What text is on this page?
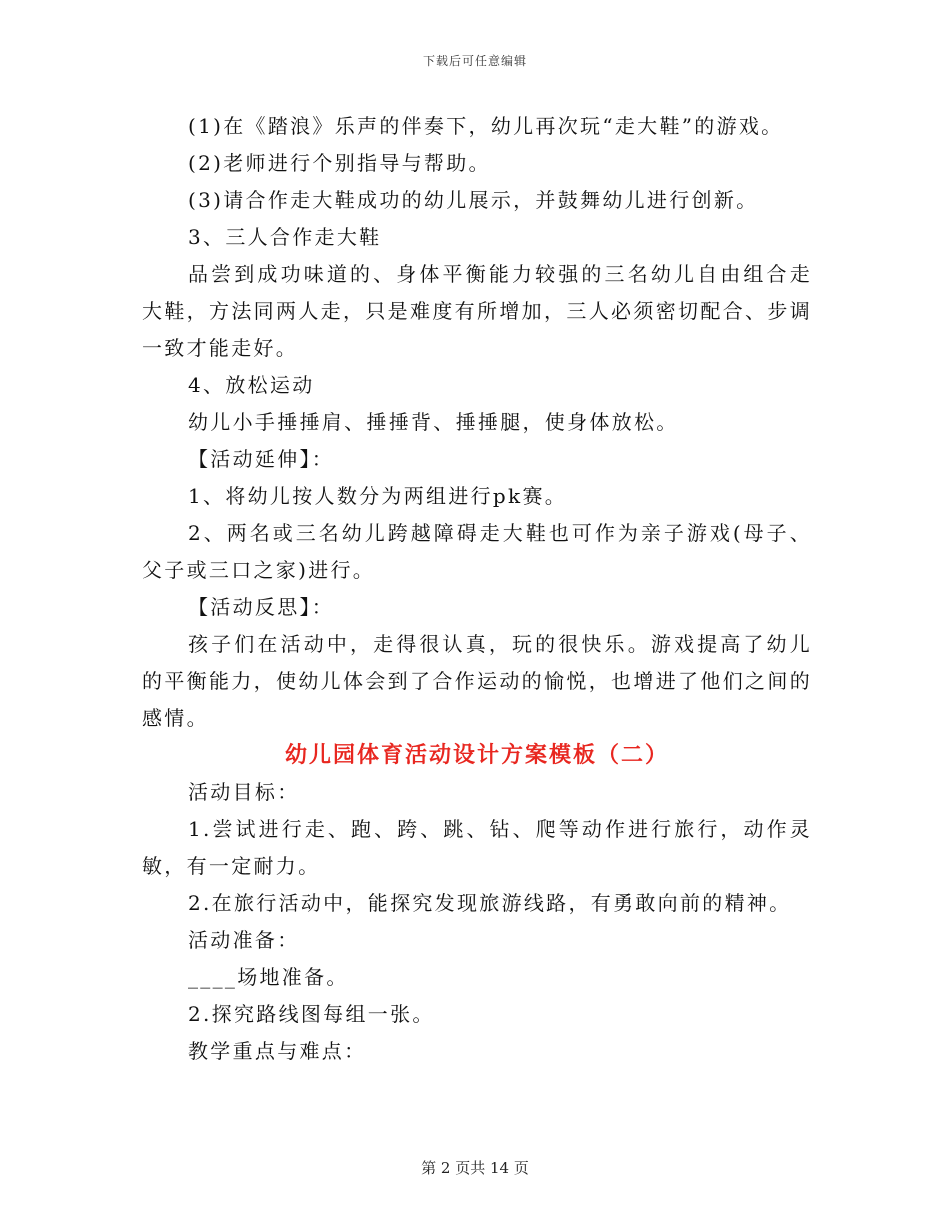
下载后可任意编辑

(1)在《踏浪》乐声的伴奏下，幼儿再次玩“走大鞋”的游戏。

(2)老师进行个别指导与帮助。

(3)请合作走大鞋成功的幼儿展示，并鼓舞幼儿进行创新。

3、三人合作走大鞋

品尝到成功味道的、身体平衡能力较强的三名幼儿自由组合走大鞋，方法同两人走，只是难度有所增加，三人必须密切配合、步调一致才能走好。

4、放松运动

幼儿小手捶捶肩、捶捶背、捶捶腿，使身体放松。

【活动延伸】：

1、将幼儿按人数分为两组进行pk赛。

2、两名或三名幼儿跨越障碍走大鞋也可作为亲子游戏(母子、父子或三口之家)进行。

【活动反思】：

孩子们在活动中，走得很认真，玩的很快乐。游戏提高了幼儿的平衡能力，使幼儿体会到了合作运动的愉悦，也增进了他们之间的感情。

幼儿园体育活动设计方案模板（二）

活动目标：

1.尝试进行走、跑、跨、跳、钻、爬等动作进行旅行，动作灵敏，有一定耐力。

2.在旅行活动中，能探究发现旅游线路，有勇敢向前的精神。

活动准备：

____场地准备。

2.探究路线图每组一张。

教学重点与难点：

第 2 页共 14 页
